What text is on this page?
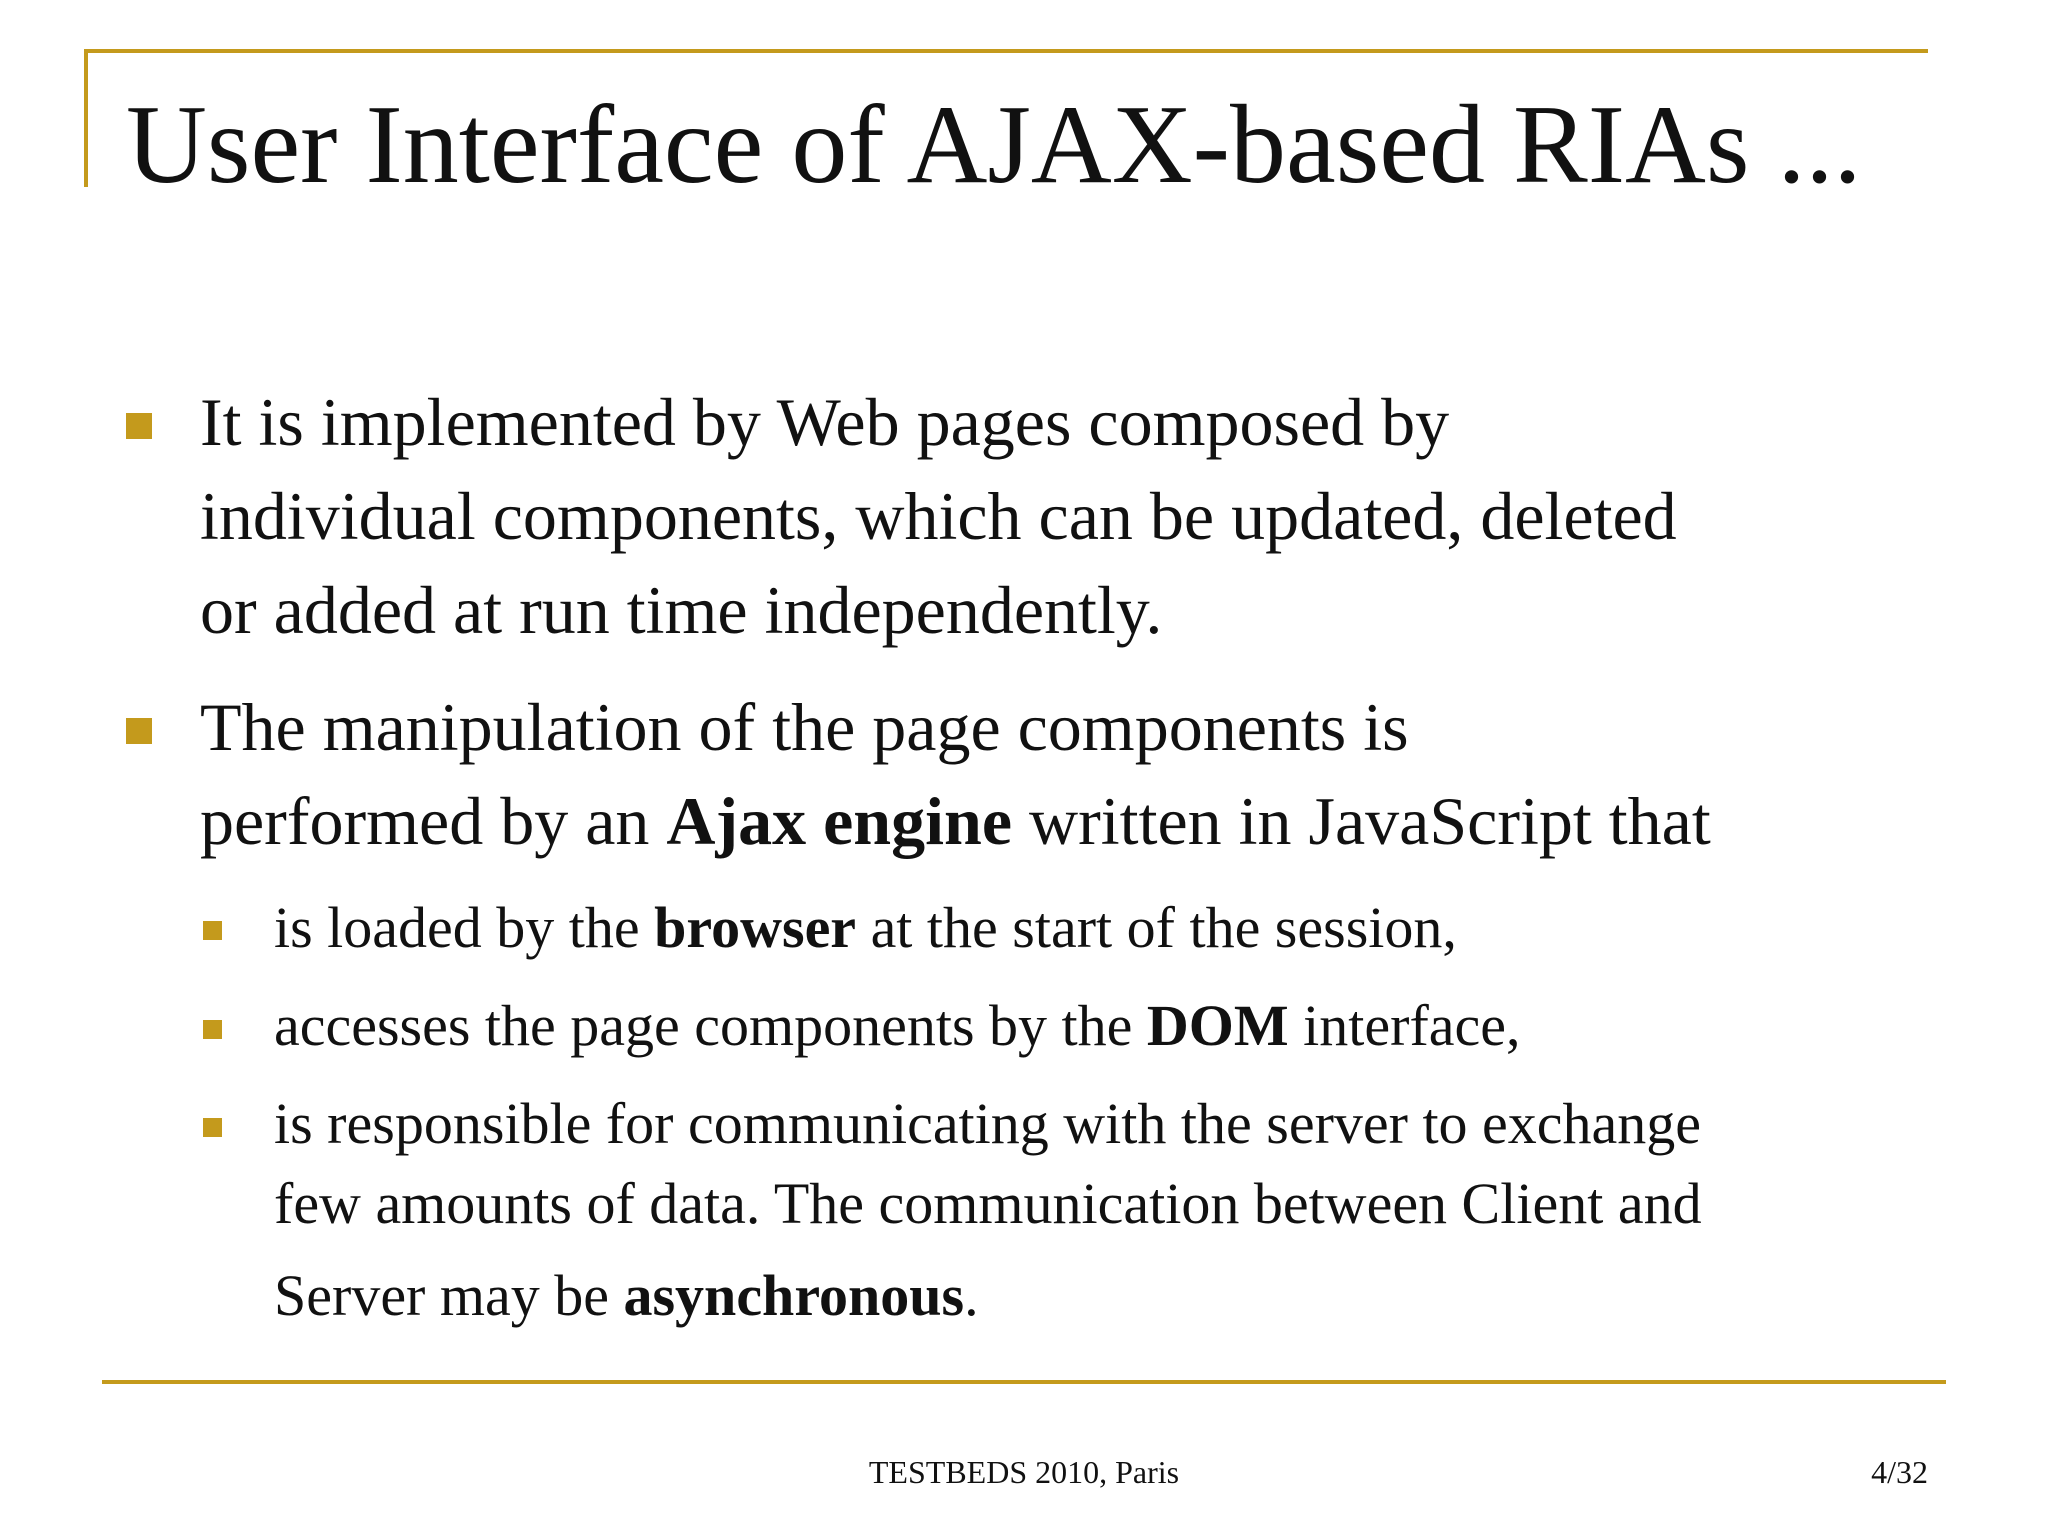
User Interface of AJAX-based RIAs ...

It is implemented by Web pages composed by

individual components, which can be updated, deleted

or added at run time independently.

The manipulation of the page components is

performed by an Ajax engine written in JavaScript that

is loaded by the browser at the start of the session,

accesses the page components by the DOM interface,

is responsible for communicating with the server to exchange

few amounts of data. The communication between Client and

Server may be asynchronous.

TESTBEDS 2010, Paris	4/32
